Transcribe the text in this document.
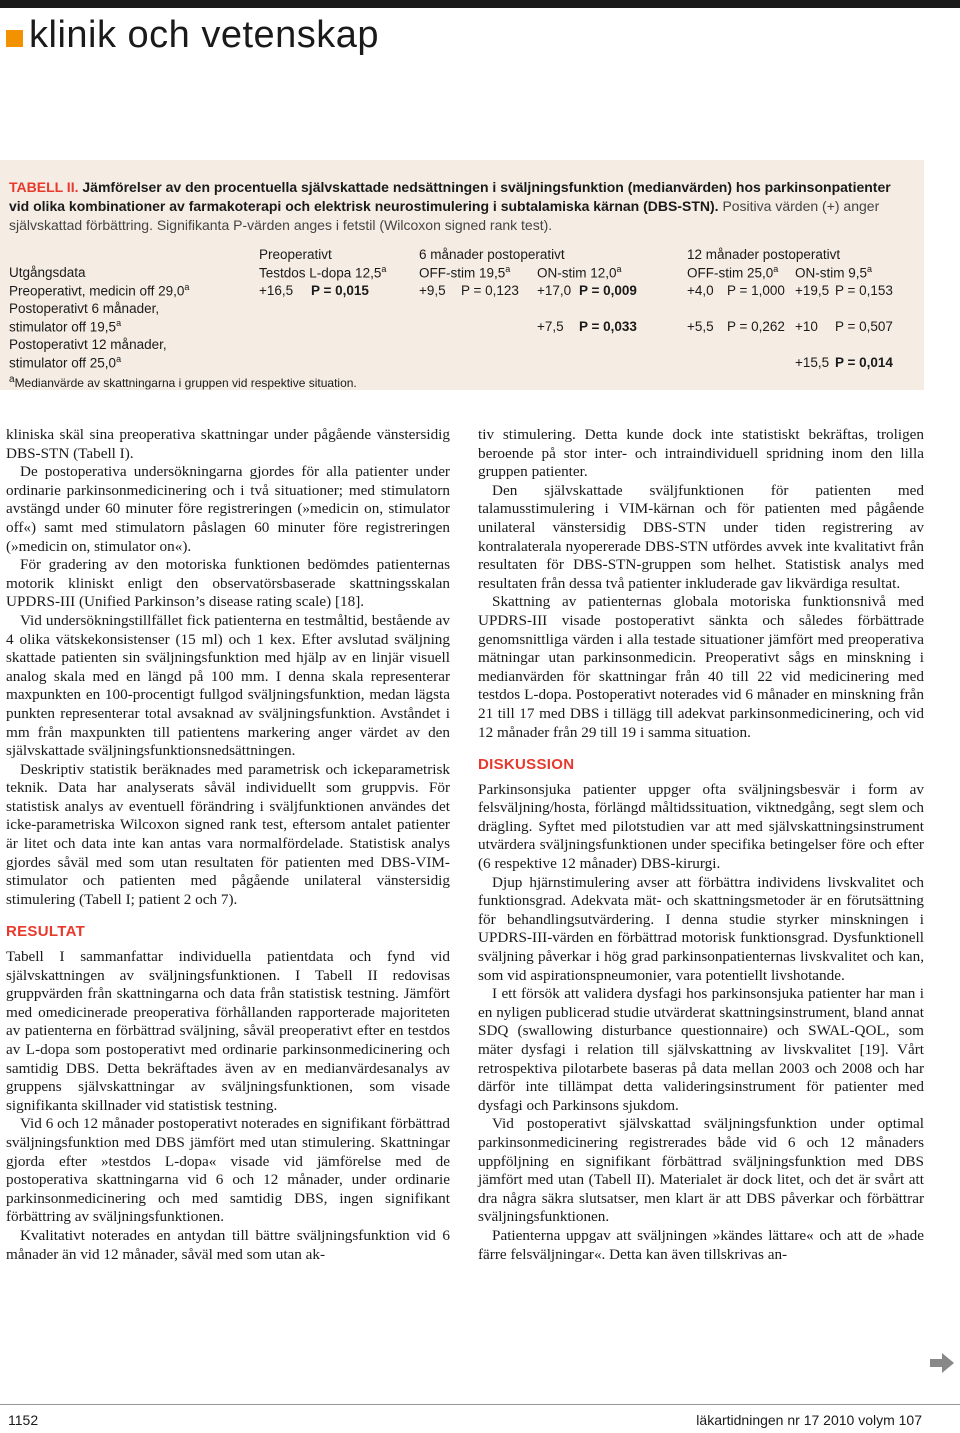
klinik och vetenskap
TABELL II. Jämförelser av den procentuella självskattade nedsättningen i sväljningsfunktion (medianvärden) hos parkinsonpatienter vid olika kombinationer av farmakoterapi och elektrisk neurostimulering i subtalamiska kärnan (DBS-STN). Positiva värden (+) anger självskattad förbättring. Signifikanta P-värden anges i fetstil (Wilcoxon signed rank test).
	Preoperativt		6 månader postoperativt				12 månader postoperativt			
Utgångsdata	Testdos L-dopa 12,5$^a$		OFF-stim 19,5$^a$		ON-stim 12,0$^a$		OFF-stim 25,0$^a$		ON-stim 9,5$^a$
Preoperativt, medicin off 29,0$^a$	+16,5	P = 0,015	+9,5	P = 0,123	+17,0	P = 0,009	+4,0	P = 1,000	+19,5	P = 0,153
Postoperativt 6 månader,										
stimulator off 19,5$^a$					+7,5	P = 0,033	+5,5	P = 0,262	+10	P = 0,507
Postoperativt 12 månader,										
stimulator off 25,0$^a$									+15,5	P = 0,014
$^a$Medianvärde av skattningarna i gruppen vid respektive situation.

kliniska skäl sina preoperativa skattningar under pågående vänstersidig DBS-STN (Tabell I).

De postoperativa undersökningarna gjordes för alla patienter under ordinarie parkinsonmedicinering och i två situationer; med stimulatorn avstängd under 60 minuter före registreringen (»medicin on, stimulator off«) samt med stimulatorn påslagen 60 minuter före registreringen (»medicin on, stimulator on«).

För gradering av den motoriska funktionen bedömdes patienternas motorik kliniskt enligt den observatörsbaserade skattningsskalan UPDRS-III (Unified Parkinson’s disease rating scale) [18].

Vid undersökningstillfället fick patienterna en testmåltid, bestående av 4 olika vätskekonsistenser (15 ml) och 1 kex. Efter avslutad sväljning skattade patienten sin sväljningsfunktion med hjälp av en linjär visuell analog skala med en längd på 100 mm. I denna skala representerar maxpunkten en 100-procentigt fullgod sväljningsfunktion, medan lägsta punkten representerar total avsaknad av sväljningsfunktion. Avståndet i mm från maxpunkten till patientens markering anger värdet av den självskattade sväljningsfunktionsnedsättningen.

Deskriptiv statistik beräknades med parametrisk och ickeparametrisk teknik. Data har analyserats såväl individuellt som gruppvis. För statistisk analys av eventuell förändring i sväljfunktionen användes det icke-parametriska Wilcoxon signed rank test, eftersom antalet patienter är litet och data inte kan antas vara normalfördelade. Statistisk analys gjordes såväl med som utan resultaten för patienten med DBS-VIM-stimulator och patienten med pågående unilateral vänstersidig stimulering (Tabell I; patient 2 och 7).

RESULTAT

Tabell I sammanfattar individuella patientdata och fynd vid självskattningen av sväljningsfunktionen. I Tabell II redovisas gruppvärden från skattningarna och data från statistisk testning. Jämfört med omedicinerade preoperativa förhållanden rapporterade majoriteten av patienterna en förbättrad sväljning, såväl preoperativt efter en testdos av L-dopa som postoperativt med ordinarie parkinsonmedicinering och samtidig DBS. Detta bekräftades även av en medianvärdesanalys av gruppens självskattningar av sväljningsfunktionen, som visade signifikanta skillnader vid statistisk testning.

Vid 6 och 12 månader postoperativt noterades en signifikant förbättrad sväljningsfunktion med DBS jämfört med utan stimulering. Skattningar gjorda efter »testdos L-dopa« visade vid jämförelse med de postoperativa skattningarna vid 6 och 12 månader, under ordinarie parkinsonmedicinering och med samtidig DBS, ingen signifikant förbättring av sväljningsfunktionen.

Kvalitativt noterades en antydan till bättre sväljningsfunktion vid 6 månader än vid 12 månader, såväl med som utan ak-

tiv stimulering. Detta kunde dock inte statistiskt bekräftas, troligen beroende på stor inter- och intraindividuell spridning inom den lilla gruppen patienter.

Den självskattade sväljfunktionen för patienten med talamusstimulering i VIM-kärnan och för patienten med pågående unilateral vänstersidig DBS-STN under tiden registrering av kontralaterala nyopererade DBS-STN utfördes avvek inte kvalitativt från resultaten för DBS-STN-gruppen som helhet. Statistisk analys med resultaten från dessa två patienter inkluderade gav likvärdiga resultat.

Skattning av patienternas globala motoriska funktionsnivå med UPDRS-III visade postoperativt sänkta och således förbättrade genomsnittliga värden i alla testade situationer jämfört med preoperativa mätningar utan parkinsonmedicin. Preoperativt sågs en minskning i medianvärden för skattningar från 40 till 22 vid medicinering med testdos L-dopa. Postoperativt noterades vid 6 månader en minskning från 21 till 17 med DBS i tillägg till adekvat parkinsonmedicinering, och vid 12 månader från 29 till 19 i samma situation.

DISKUSSION

Parkinsonsjuka patienter uppger ofta sväljningsbesvär i form av felsväljning/hosta, förlängd måltidssituation, viktnedgång, segt slem och drägling. Syftet med pilotstudien var att med självskattningsinstrument utvärdera sväljningsfunktionen under specifika betingelser före och efter (6 respektive 12 månader) DBS-kirurgi.

Djup hjärnstimulering avser att förbättra individens livskvalitet och funktionsgrad. Adekvata mät- och skattningsmetoder är en förutsättning för behandlingsutvärdering. I denna studie styrker minskningen i UPDRS-III-värden en förbättrad motorisk funktionsgrad. Dysfunktionell sväljning påverkar i hög grad parkinsonpatienternas livskvalitet och kan, som vid aspirationspneumonier, vara potentiellt livshotande.

I ett försök att validera dysfagi hos parkinsonsjuka patienter har man i en nyligen publicerad studie utvärderat skattningsinstrument, bland annat SDQ (swallowing disturbance questionnaire) och SWAL-QOL, som mäter dysfagi i relation till självskattning av livskvalitet [19]. Vårt retrospektiva pilotarbete baseras på data mellan 2003 och 2008 och har därför inte tillämpat detta valideringsinstrument för patienter med dysfagi och Parkinsons sjukdom.

Vid postoperativt självskattad sväljningsfunktion under optimal parkinsonmedicinering registrerades både vid 6 och 12 månaders uppföljning en signifikant förbättrad sväljningsfunktion med DBS jämfört med utan (Tabell II). Materialet är dock litet, och det är svårt att dra några säkra slutsatser, men klart är att DBS påverkar och förbättrar sväljningsfunktionen.

Patienterna uppgav att sväljningen »kändes lättare« och att de »hade färre felsväljningar«. Detta kan även tillskrivas an-

1152	läkartidningen nr 17 2010 volym 107
